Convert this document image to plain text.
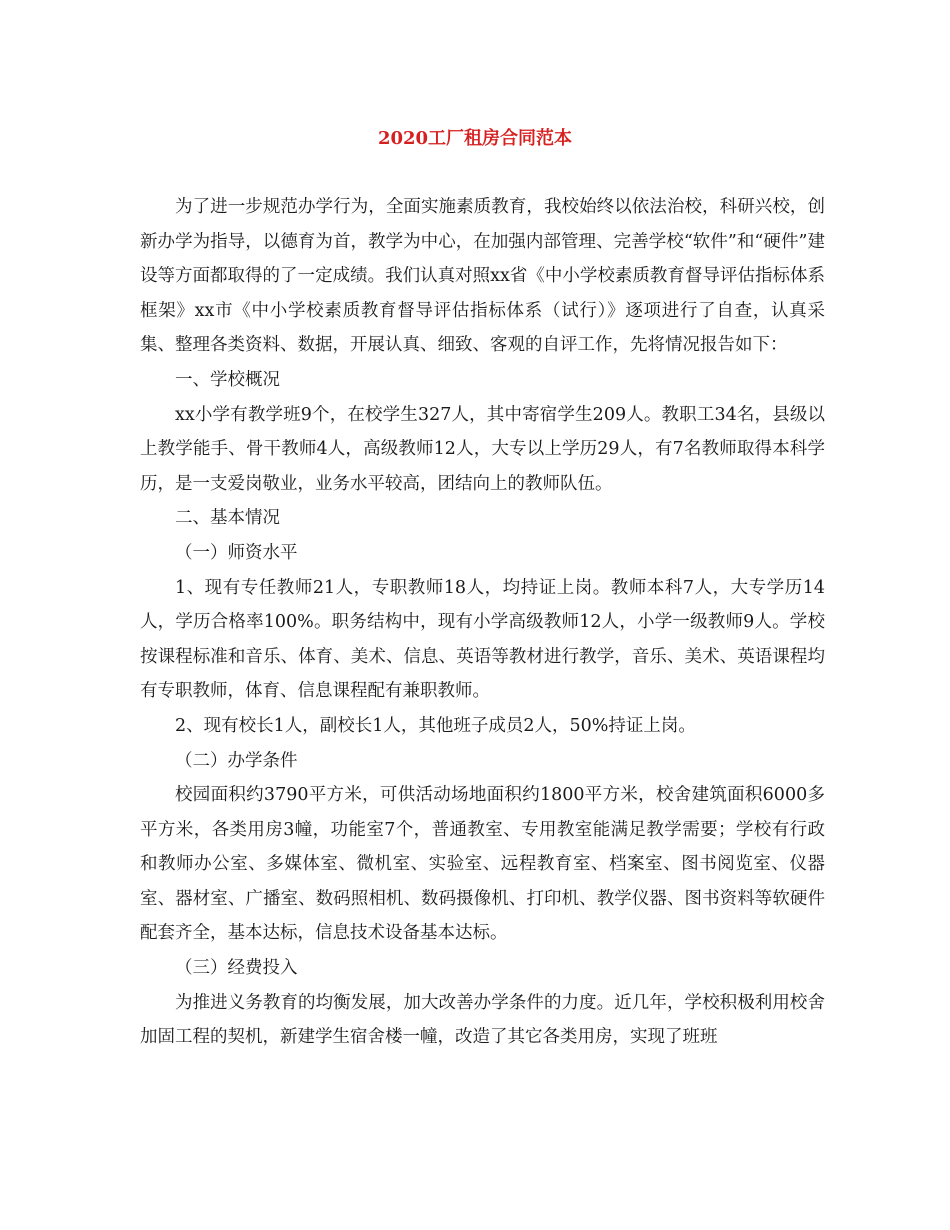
2020工厂租房合同范本

为了进一步规范办学行为，全面实施素质教育，我校始终以依法治校，科研兴校，创新办学为指导，以德育为首，教学为中心，在加强内部管理、完善学校“软件”和“硬件”建设等方面都取得的了一定成绩。我们认真对照xx省《中小学校素质教育督导评估指标体系框架》xx市《中小学校素质教育督导评估指标体系（试行）》逐项进行了自查，认真采集、整理各类资料、数据，开展认真、细致、客观的自评工作，先将情况报告如下：

一、学校概况

xx小学有教学班9个，在校学生327人，其中寄宿学生209人。教职工34名，县级以上教学能手、骨干教师4人，高级教师12人，大专以上学历29人，有7名教师取得本科学历，是一支爱岗敬业，业务水平较高，团结向上的教师队伍。

二、基本情况

（一）师资水平

1、现有专任教师21人，专职教师18人，均持证上岗。教师本科7人，大专学历14人，学历合格率100%。职务结构中，现有小学高级教师12人，小学一级教师9人。学校按课程标准和音乐、体育、美术、信息、英语等教材进行教学，音乐、美术、英语课程均有专职教师，体育、信息课程配有兼职教师。

2、现有校长1人，副校长1人，其他班子成员2人，50%持证上岗。

（二）办学条件

校园面积约3790平方米，可供活动场地面积约1800平方米，校舍建筑面积6000多平方米，各类用房3幢，功能室7个，普通教室、专用教室能满足教学需要；学校有行政和教师办公室、多媒体室、微机室、实验室、远程教育室、档案室、图书阅览室、仪器室、器材室、广播室、数码照相机、数码摄像机、打印机、教学仪器、图书资料等软硬件配套齐全，基本达标，信息技术设备基本达标。

（三）经费投入

为推进义务教育的均衡发展，加大改善办学条件的力度。近几年，学校积极利用校舍加固工程的契机，新建学生宿舍楼一幢，改造了其它各类用房，实现了班班
